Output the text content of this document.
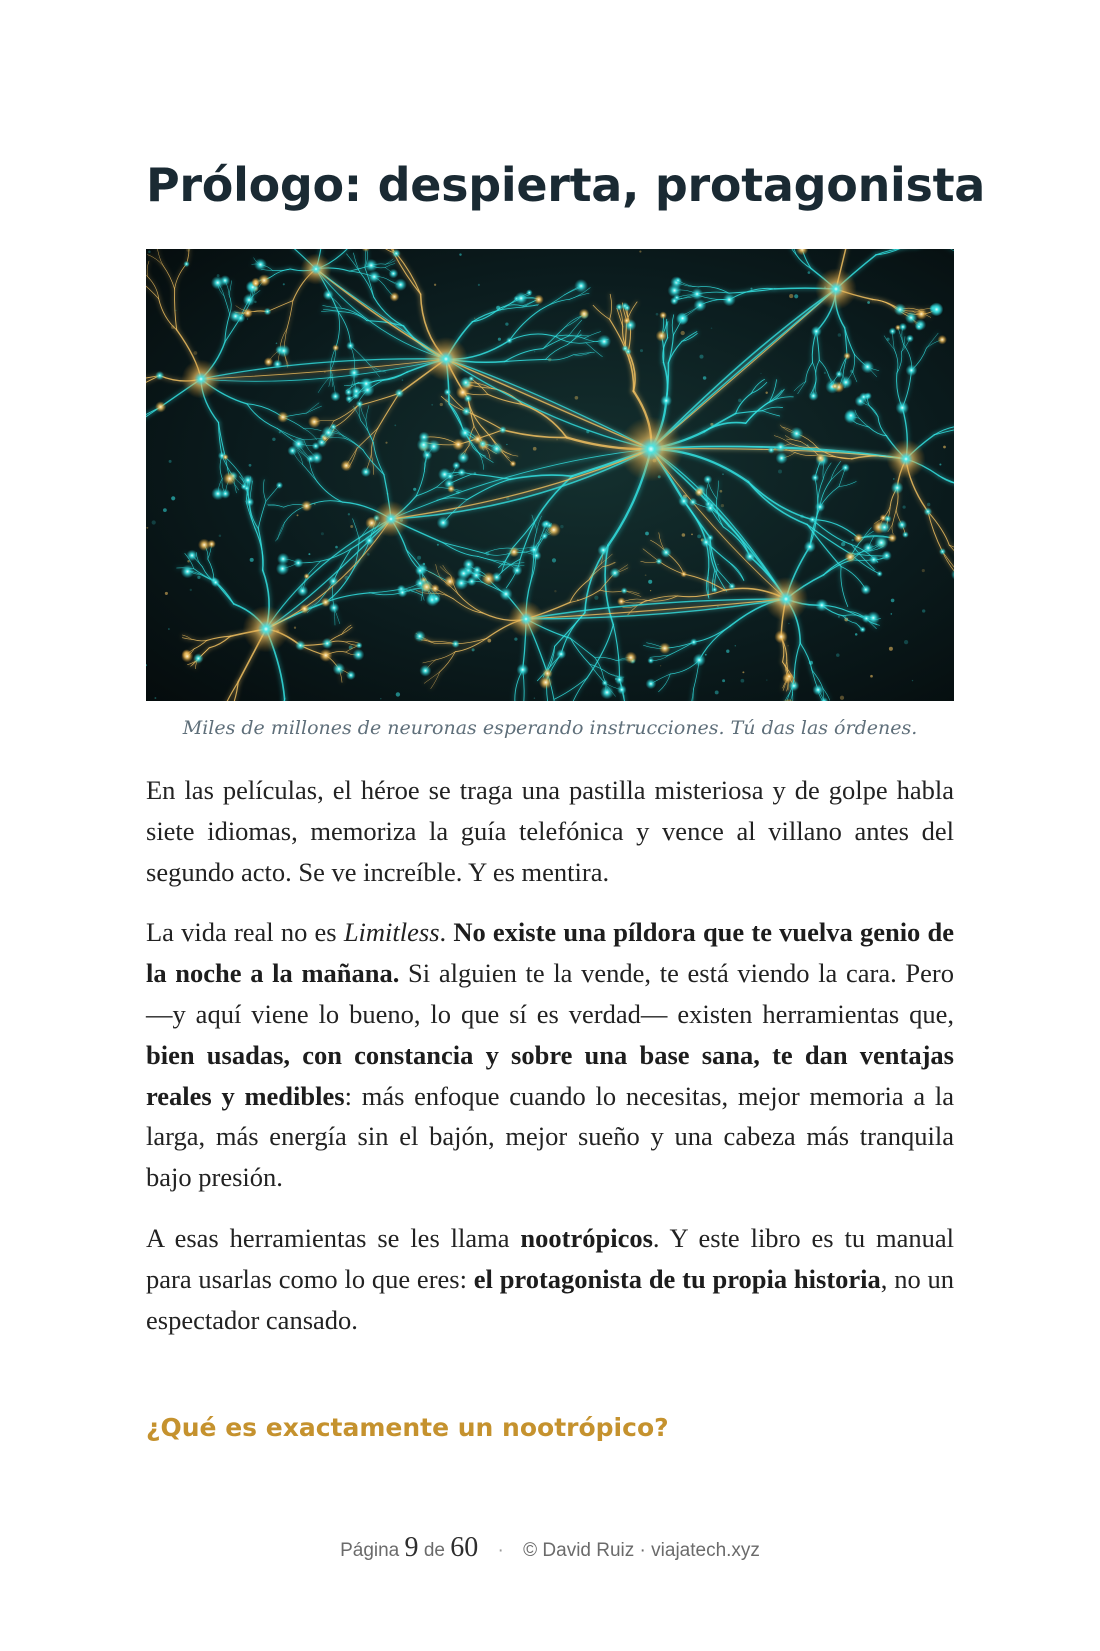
Prólogo: despierta, protagonista
Miles de millones de neuronas esperando instrucciones. Tú das las órdenes.

En las películas, el héroe se traga una pastilla misteriosa y de golpe habla siete idiomas, memoriza la guía telefónica y vence al villano antes del segundo acto. Se ve increíble. Y es mentira.

La vida real no es Limitless. No existe una píldora que te vuelva genio de la noche a la mañana. Si alguien te la vende, te está viendo la cara. Pero —y aquí viene lo bueno, lo que sí es verdad— existen herramientas que, bien usadas, con constancia y sobre una base sana, te dan ventajas reales y medibles: más enfoque cuando lo necesitas, mejor memoria a la larga, más energía sin el bajón, mejor sueño y una cabeza más tranquila bajo presión.

A esas herramientas se les llama nootrópicos. Y este libro es tu manual para usarlas como lo que eres: el protagonista de tu propia historia, no un espectador cansado.

¿Qué es exactamente un nootrópico?
Página 9 de 60 · © David Ruiz · viajatech.xyz
